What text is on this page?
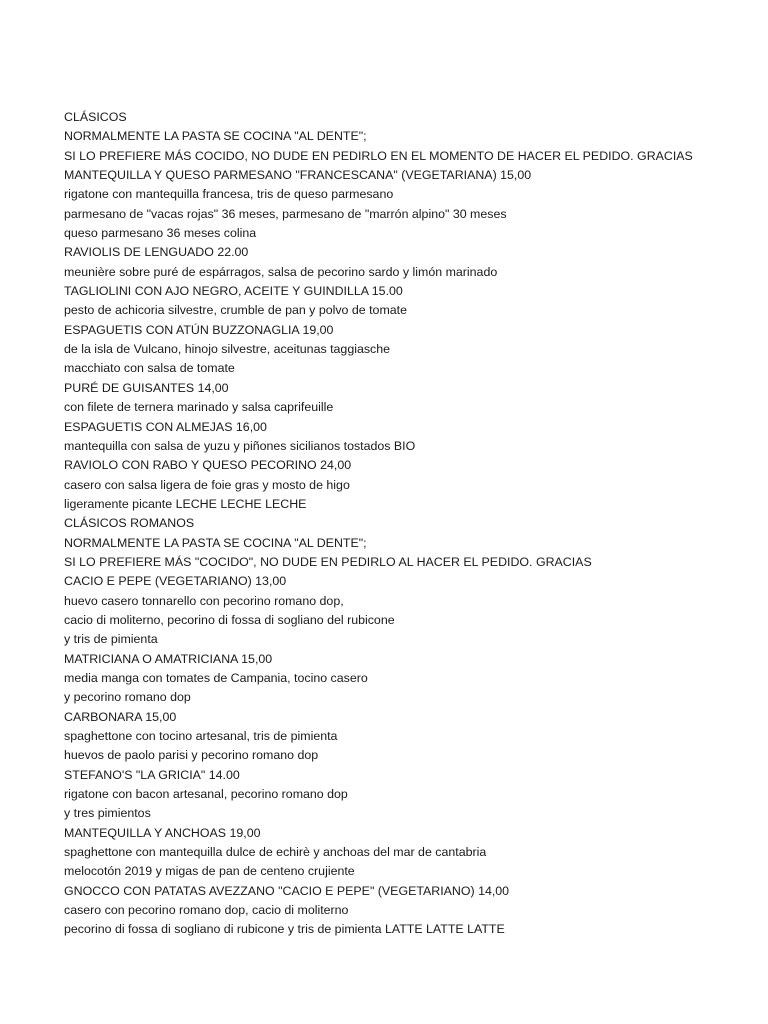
CLÁSICOS
NORMALMENTE LA PASTA SE COCINA "AL DENTE";
SI LO PREFIERE MÁS COCIDO, NO DUDE EN PEDIRLO EN EL MOMENTO DE HACER EL PEDIDO. GRACIAS
MANTEQUILLA Y QUESO PARMESANO "FRANCESCANA" (VEGETARIANA) 15,00
rigatone con mantequilla francesa, tris de queso parmesano
parmesano de "vacas rojas" 36 meses, parmesano de "marrón alpino" 30 meses
queso parmesano 36 meses colina
RAVIOLIS DE LENGUADO 22.00
meunière sobre puré de espárragos, salsa de pecorino sardo y limón marinado
TAGLIOLINI CON AJO NEGRO, ACEITE Y GUINDILLA 15.00
pesto de achicoria silvestre, crumble de pan y polvo de tomate
ESPAGUETIS CON ATÚN BUZZONAGLIA 19,00
de la isla de Vulcano, hinojo silvestre, aceitunas taggiasche
macchiato con salsa de tomate
PURÉ DE GUISANTES 14,00
con filete de ternera marinado y salsa caprifeuille
ESPAGUETIS CON ALMEJAS 16,00
mantequilla con salsa de yuzu y piñones sicilianos tostados BIO
RAVIOLO CON RABO Y QUESO PECORINO 24,00
casero con salsa ligera de foie gras y mosto de higo
ligeramente picante LECHE LECHE LECHE
CLÁSICOS ROMANOS
NORMALMENTE LA PASTA SE COCINA "AL DENTE";
SI LO PREFIERE MÁS "COCIDO", NO DUDE EN PEDIRLO AL HACER EL PEDIDO. GRACIAS
CACIO E PEPE (VEGETARIANO) 13,00
huevo casero tonnarello con pecorino romano dop,
cacio di moliterno, pecorino di fossa di sogliano del rubicone
y tris de pimienta
MATRICIANA O AMATRICIANA 15,00
media manga con tomates de Campania, tocino casero
y pecorino romano dop
CARBONARA 15,00
spaghettone con tocino artesanal, tris de pimienta
huevos de paolo parisi y pecorino romano dop
STEFANO'S "LA GRICIA" 14.00
rigatone con bacon artesanal, pecorino romano dop
y tres pimientos
MANTEQUILLA Y ANCHOAS 19,00
spaghettone con mantequilla dulce de echirè y anchoas del mar de cantabria
melocotón 2019 y migas de pan de centeno crujiente
GNOCCO CON PATATAS AVEZZANO "CACIO E PEPE" (VEGETARIANO) 14,00
casero con pecorino romano dop, cacio di moliterno
pecorino di fossa di sogliano di rubicone y tris de pimienta LATTE LATTE LATTE
